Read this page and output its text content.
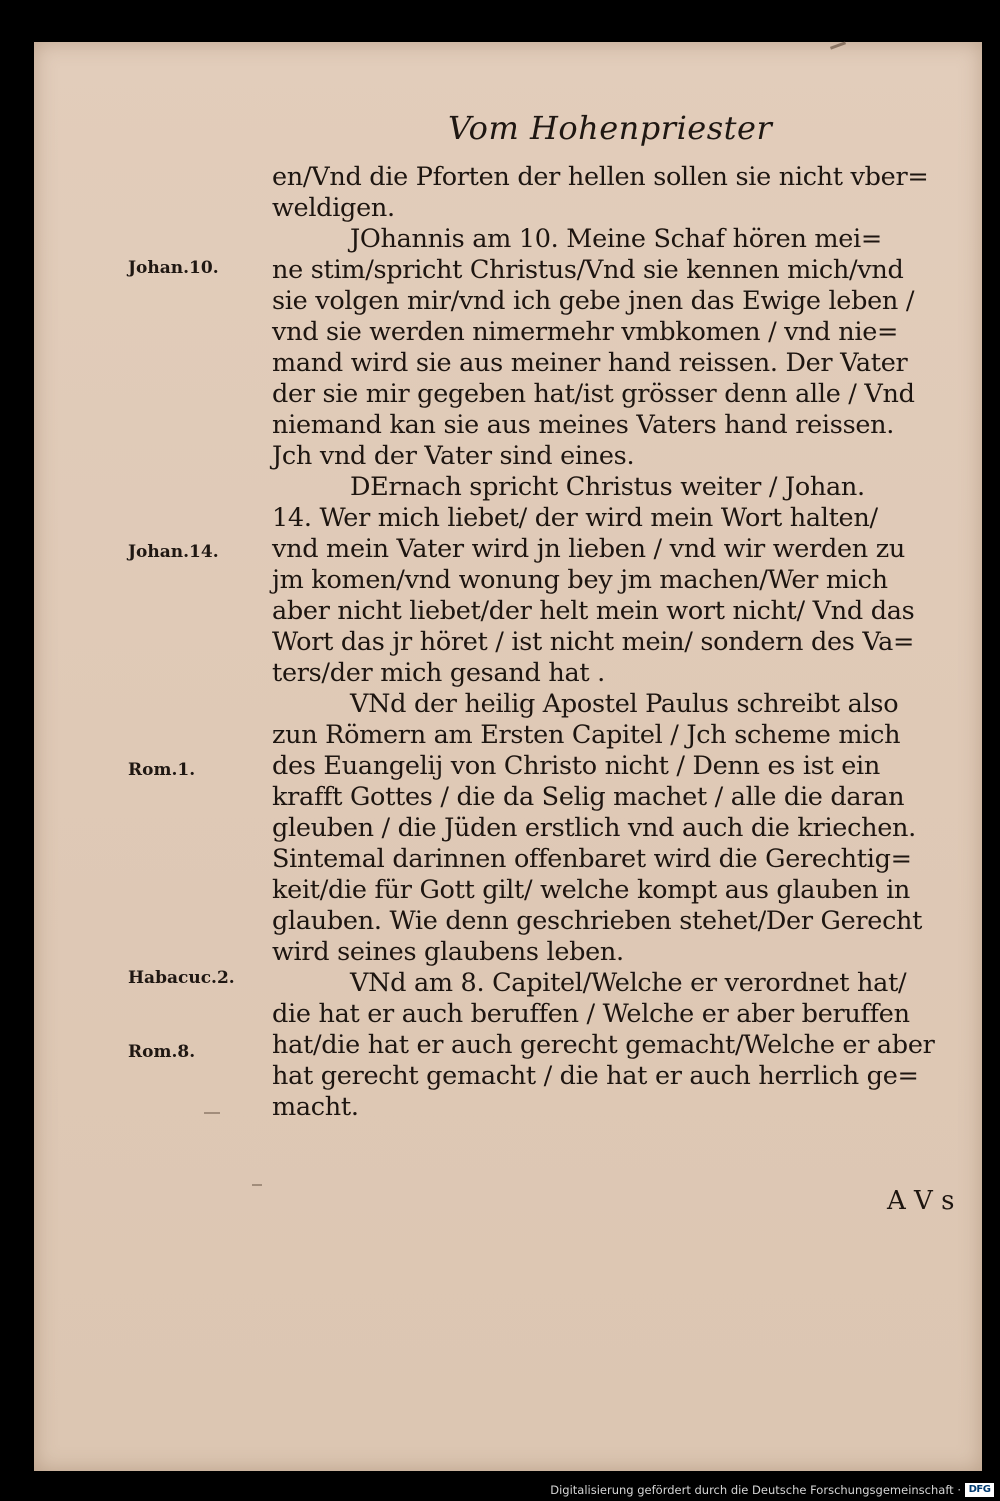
Vom Hohenpriester
Johan.10.
Johan.14.
Rom.1.
Habacuc.2.
Rom.8.
en/Vnd die Pforten der hellen sollen sie nicht vber=
weldigen.
JOhannis am 10. Meine Schaf hören mei=
ne stim/spricht Christus/Vnd sie kennen mich/vnd
sie volgen mir/vnd ich gebe jnen das Ewige leben /
vnd sie werden nimermehr vmbkomen / vnd nie=
mand wird sie aus meiner hand reissen. Der Vater
der sie mir gegeben hat/ist grösser denn alle / Vnd
niemand kan sie aus meines Vaters hand reissen.
Jch vnd der Vater sind eines.
DErnach spricht Christus weiter / Johan.
14. Wer mich liebet/ der wird mein Wort halten/
vnd mein Vater wird jn lieben / vnd wir werden zu
jm komen/vnd wonung bey jm machen/Wer mich
aber nicht liebet/der helt mein wort nicht/ Vnd das
Wort das jr höret / ist nicht mein/ sondern des Va=
ters/der mich gesand hat .
VNd der heilig Apostel Paulus schreibt also
zun Römern am Ersten Capitel / Jch scheme mich
des Euangelij von Christo nicht / Denn es ist ein
krafft Gottes / die da Selig machet / alle die daran
gleuben / die Jüden erstlich vnd auch die kriechen.
Sintemal darinnen offenbaret wird die Gerechtig=
keit/die für Gott gilt/ welche kompt aus glauben in
glauben. Wie denn geschrieben stehet/Der Gerecht
wird seines glaubens leben.
VNd am 8. Capitel/Welche er verordnet hat/
die hat er auch beruffen / Welche er aber beruffen
hat/die hat er auch gerecht gemacht/Welche er aber
hat gerecht gemacht / die hat er auch herrlich ge=
macht.
A V s
Digitalisierung gefördert durch die Deutsche Forschungsgemeinschaft · DFG
